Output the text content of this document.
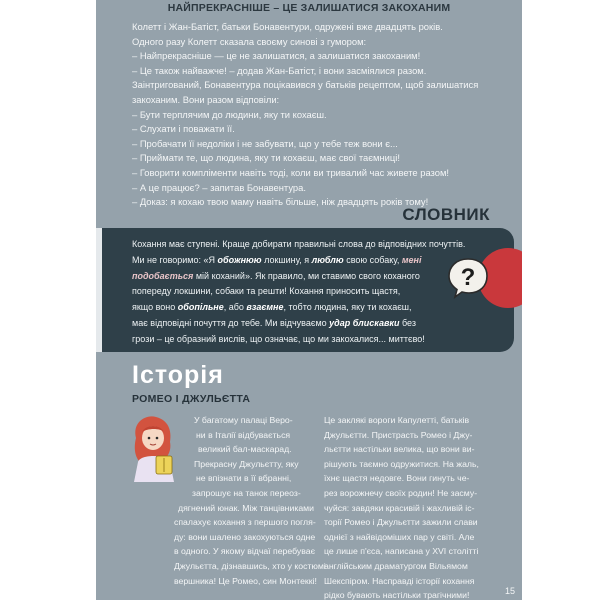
НАЙПРЕКРАСНІШЕ – ЦЕ ЗАЛИШАТИСЯ ЗАКОХАНИМ
Колетт і Жан-Батіст, батьки Бонавентури, одружені вже двадцять років.
Одного разу Колетт сказала своєму синові з гумором:
– Найпрекрасніше — це не залишатися, а залишатися закоханим!
– Це також найважче! – додав Жан-Батіст, і вони засміялися разом.
Заінтригований, Бонавентура поцікавився у батьків рецептом, щоб залишатися закоханим. Вони разом відповіли:
– Бути терплячим до людини, яку ти кохаєш.
– Слухати і поважати її.
– Пробачати її недоліки і не забувати, що у тебе теж вони є...
– Приймати те, що людина, яку ти кохаєш, має свої таємниці!
– Говорити компліменти навіть тоді, коли ви тривалий час живете разом!
– А це працює? – запитав Бонавентура.
– Доказ: я кохаю твою маму навіть більше, ніж двадцять років тому!
СЛОВНИК
Кохання має ступені. Краще добирати правильні слова до відповідних почуттів.
Ми не говоримо: «Я обожнюю локшину, я люблю свою собаку, мені
подобається мій коханий». Як правило, ми ставимо свого коханого
попереду локшини, собаки та решти! Кохання приносить щастя,
якщо воно обопільне, або взаємне, тобто людина, яку ти кохаєш,
має відповідні почуття до тебе. Ми відчуваємо удар блискавки без
грози – це образний вислів, що означає, що ми закохалися... миттєво!
?
Історія
РОМЕО І ДЖУЛЬЄТТА
У багатому палаці Веро-
ни в Італії відбувається
великий бал-маскарад.
Прекрасну Джульєтту, яку
не впізнати в її вбранні,
запрошує на танок переоз-
дягнений юнак. Між танцівниками
спалахує кохання з першого погля-
ду: вони шалено закохуються одне
в одного. У якому відчаї перебуває
Джульєтта, дізнавшись, хто у костюмі
вершника! Це Ромео, син Монтеккі!
Це заклякі вороги Капулетті, батьків
Джульєтти. Пристрасть Ромео і Джу-
льєтти настільки велика, що вони ви-
рішують таємно одружитися. На жаль,
їхнє щастя недовге. Вони гинуть че-
рез ворожнечу своїх родин! Не засму-
чуйся: завдяки красивій і жахливій іс-
торії Ромео і Джульєтти зажили слави
однієї з найвідоміших пар у світі. Але
це лише п'єса, написана у XVI столітті
англійським драматургом Вільямом
Шекспіром. Насправді історії кохання
рідко бувають настільки трагічними!	15
